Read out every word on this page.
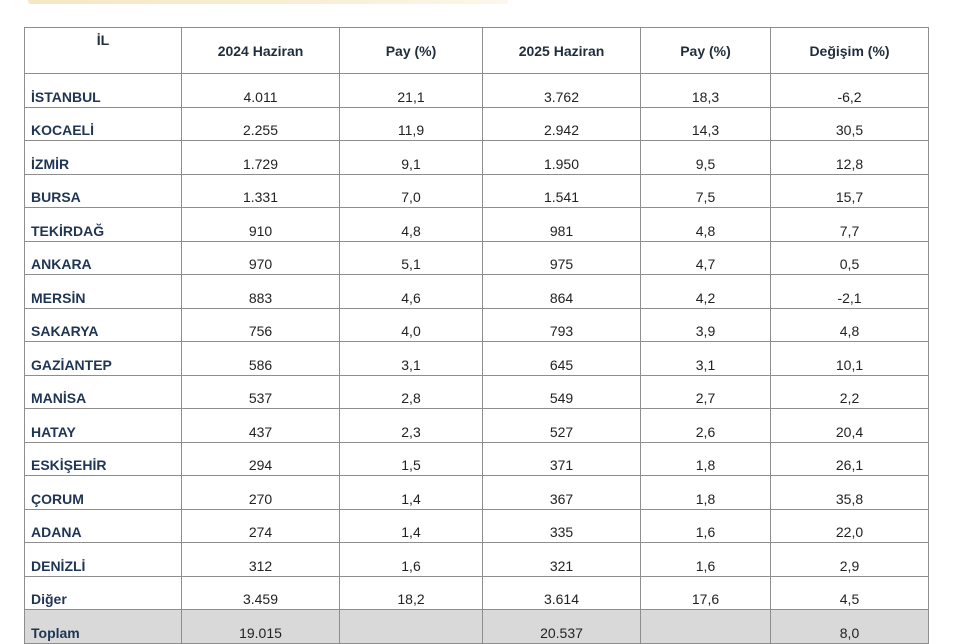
İL	2024 Haziran	Pay (%)	2025 Haziran	Pay (%)	Değişim (%)
İSTANBUL	4.011	21,1	3.762	18,3	-6,2
KOCAELİ	2.255	11,9	2.942	14,3	30,5
İZMİR	1.729	9,1	1.950	9,5	12,8
BURSA	1.331	7,0	1.541	7,5	15,7
TEKİRDAĞ	910	4,8	981	4,8	7,7
ANKARA	970	5,1	975	4,7	0,5
MERSİN	883	4,6	864	4,2	-2,1
SAKARYA	756	4,0	793	3,9	4,8
GAZİANTEP	586	3,1	645	3,1	10,1
MANİSA	537	2,8	549	2,7	2,2
HATAY	437	2,3	527	2,6	20,4
ESKİŞEHİR	294	1,5	371	1,8	26,1
ÇORUM	270	1,4	367	1,8	35,8
ADANA	274	1,4	335	1,6	22,0
DENİZLİ	312	1,6	321	1,6	2,9
Diğer	3.459	18,2	3.614	17,6	4,5
Toplam	19.015		20.537		8,0
